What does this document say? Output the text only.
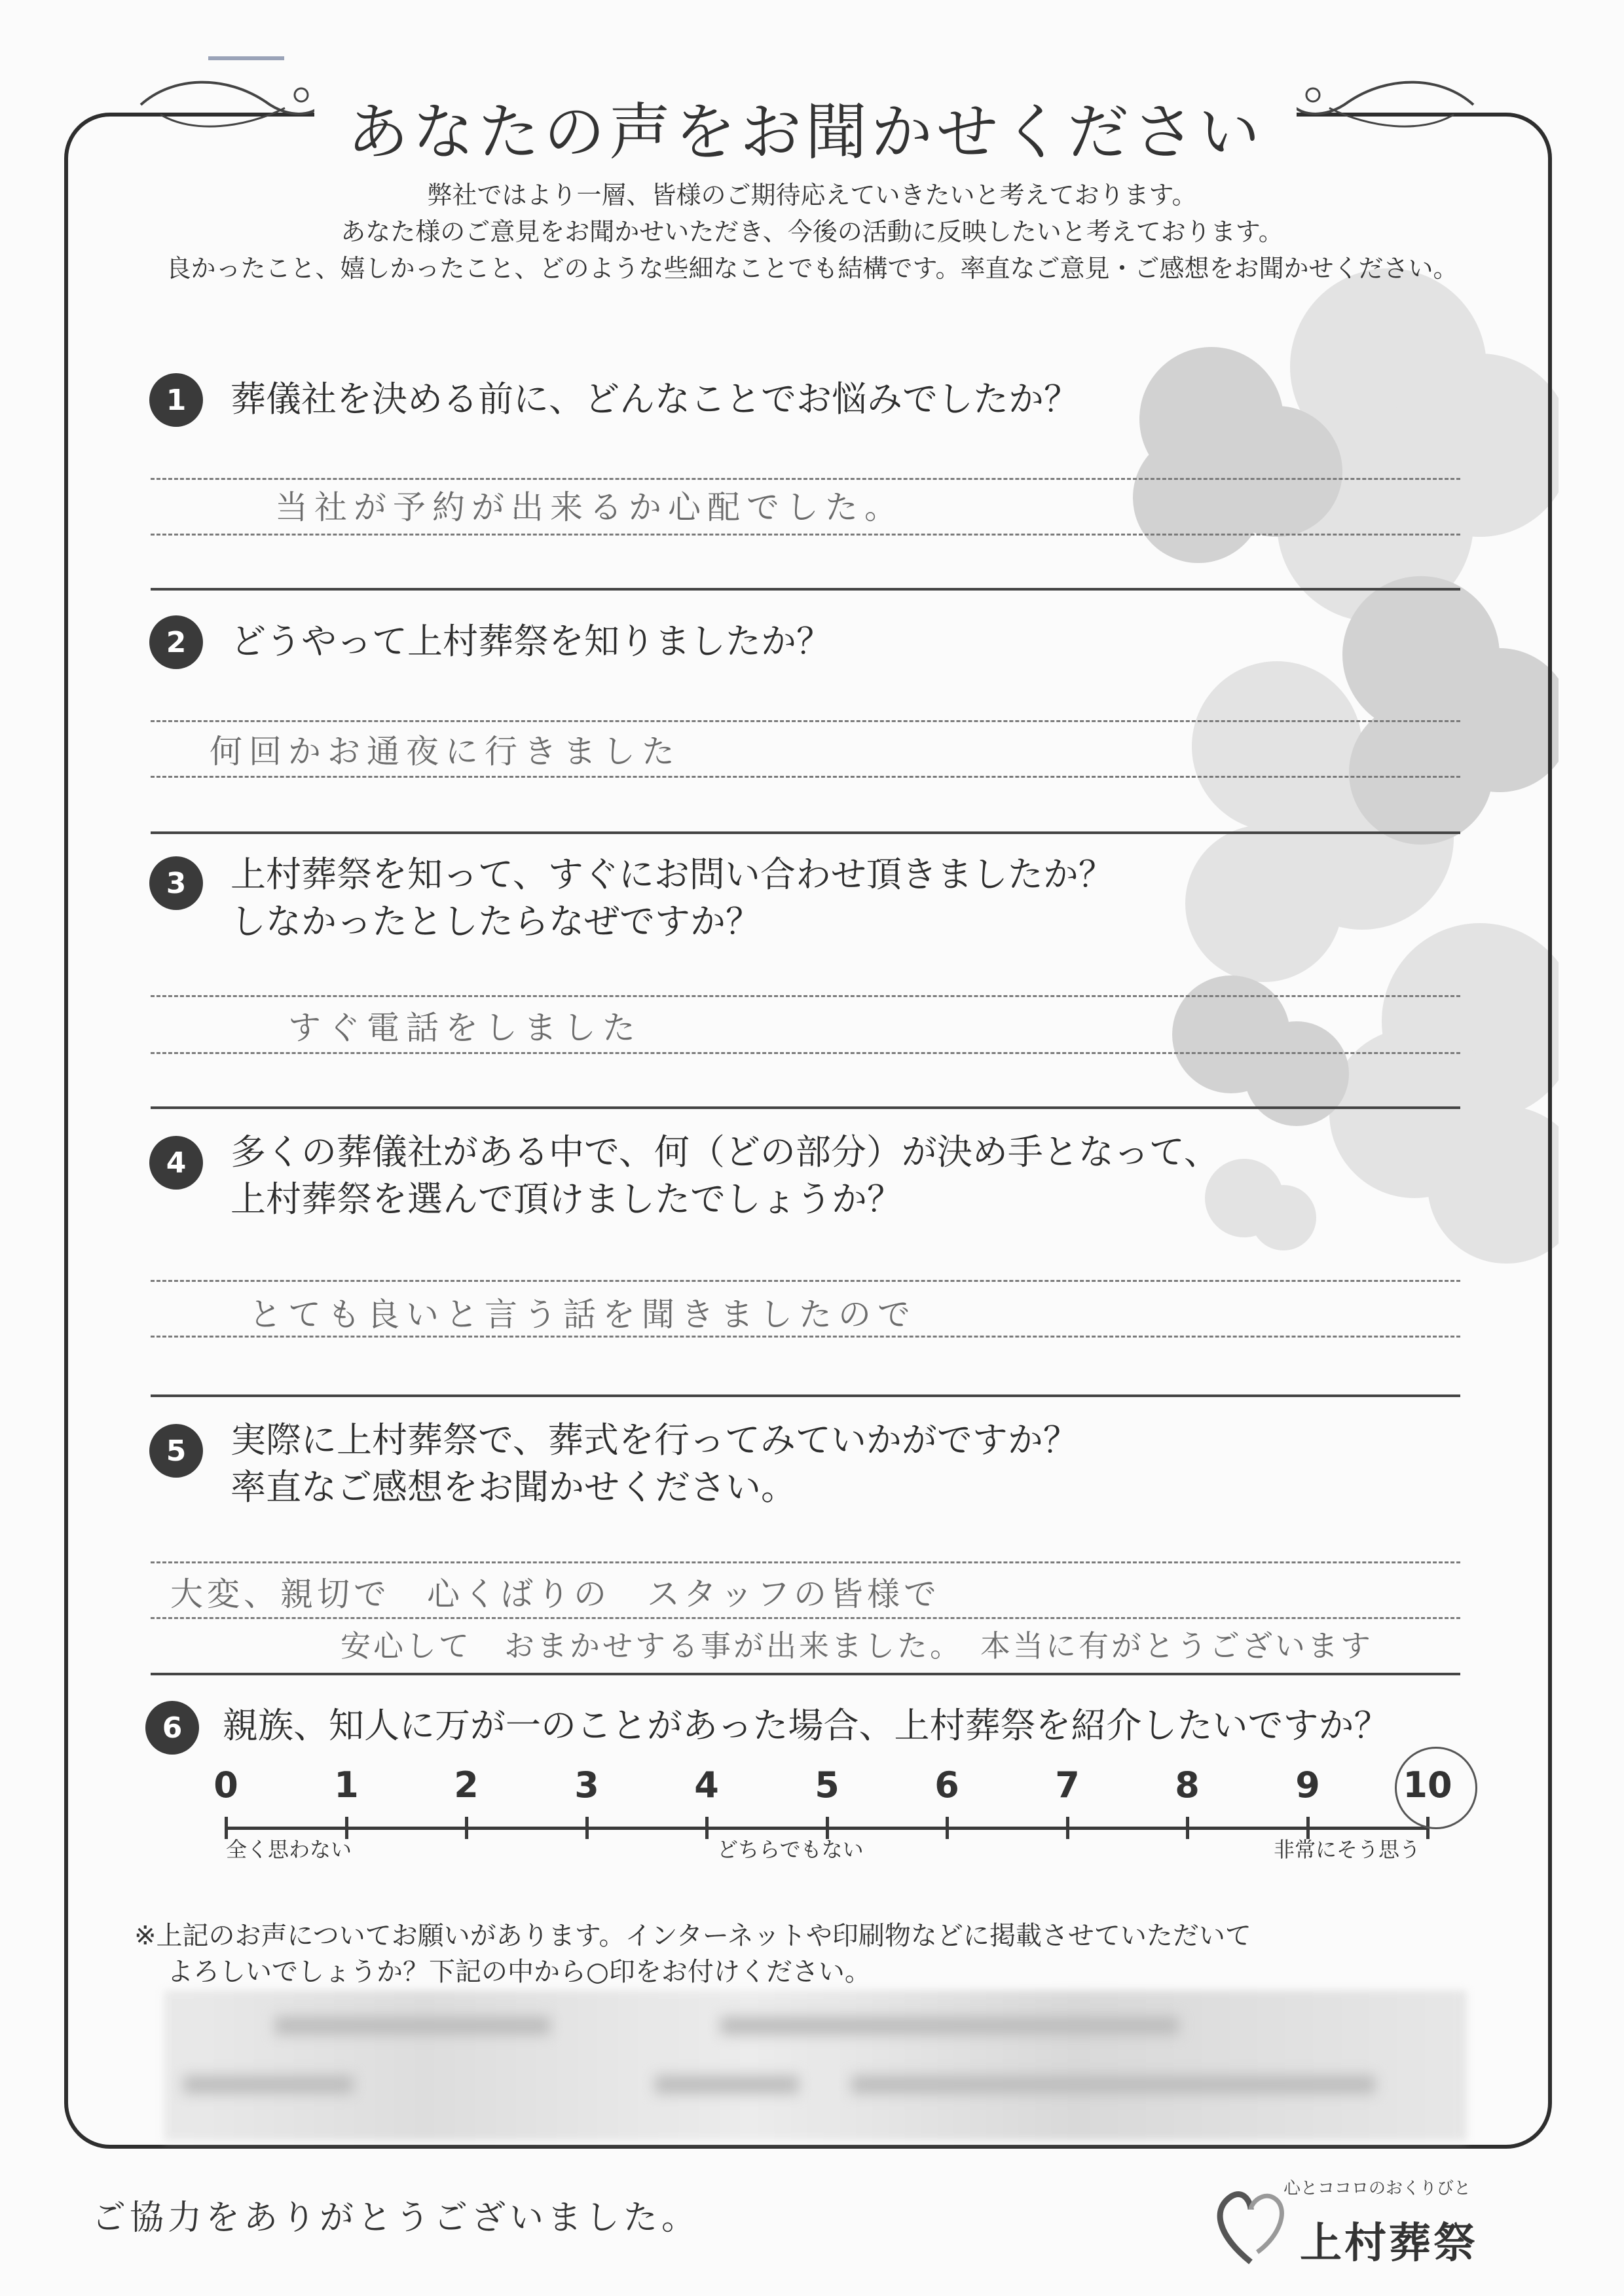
あなたの声をお聞かせください
弊社ではより一層、皆様のご期待応えていきたいと考えております。
あなた様のご意見をお聞かせいただき、今後の活動に反映したいと考えております。
良かったこと、嬉しかったこと、どのような些細なことでも結構です。率直なご意見・ご感想をお聞かせください。
1	葬儀社を決める前に、どんなことでお悩みでしたか？
当社が予約が出来るか心配でした。
2	どうやって上村葬祭を知りましたか？
何回かお通夜に行きました
3	上村葬祭を知って、すぐにお問い合わせ頂きましたか？
しなかったとしたらなぜですか？
すぐ電話をしました
4	多くの葬儀社がある中で、何（どの部分）が決め手となって、
上村葬祭を選んで頂けましたでしょうか？
とても良いと言う話を聞きましたので
5	実際に上村葬祭で、葬式を行ってみていかがですか？
率直なご感想をお聞かせください。
大変、親切で　心くばりの　スタッフの皆様で
安心して　おまかせする事が出来ました。　本当に有がとうございます
6	親族、知人に万が一のことがあった場合、上村葬祭を紹介したいですか？
0	1	2	3	4	5	6	7	8	9	10
全く思わない	どちらでもない	非常にそう思う
※上記のお声についてお願いがあります。インターネットや印刷物などに掲載させていただいて
よろしいでしょうか？下記の中から○印をお付けください。
ご協力をありがとうございました。
心とココロのおくりびと
上村葬祭
